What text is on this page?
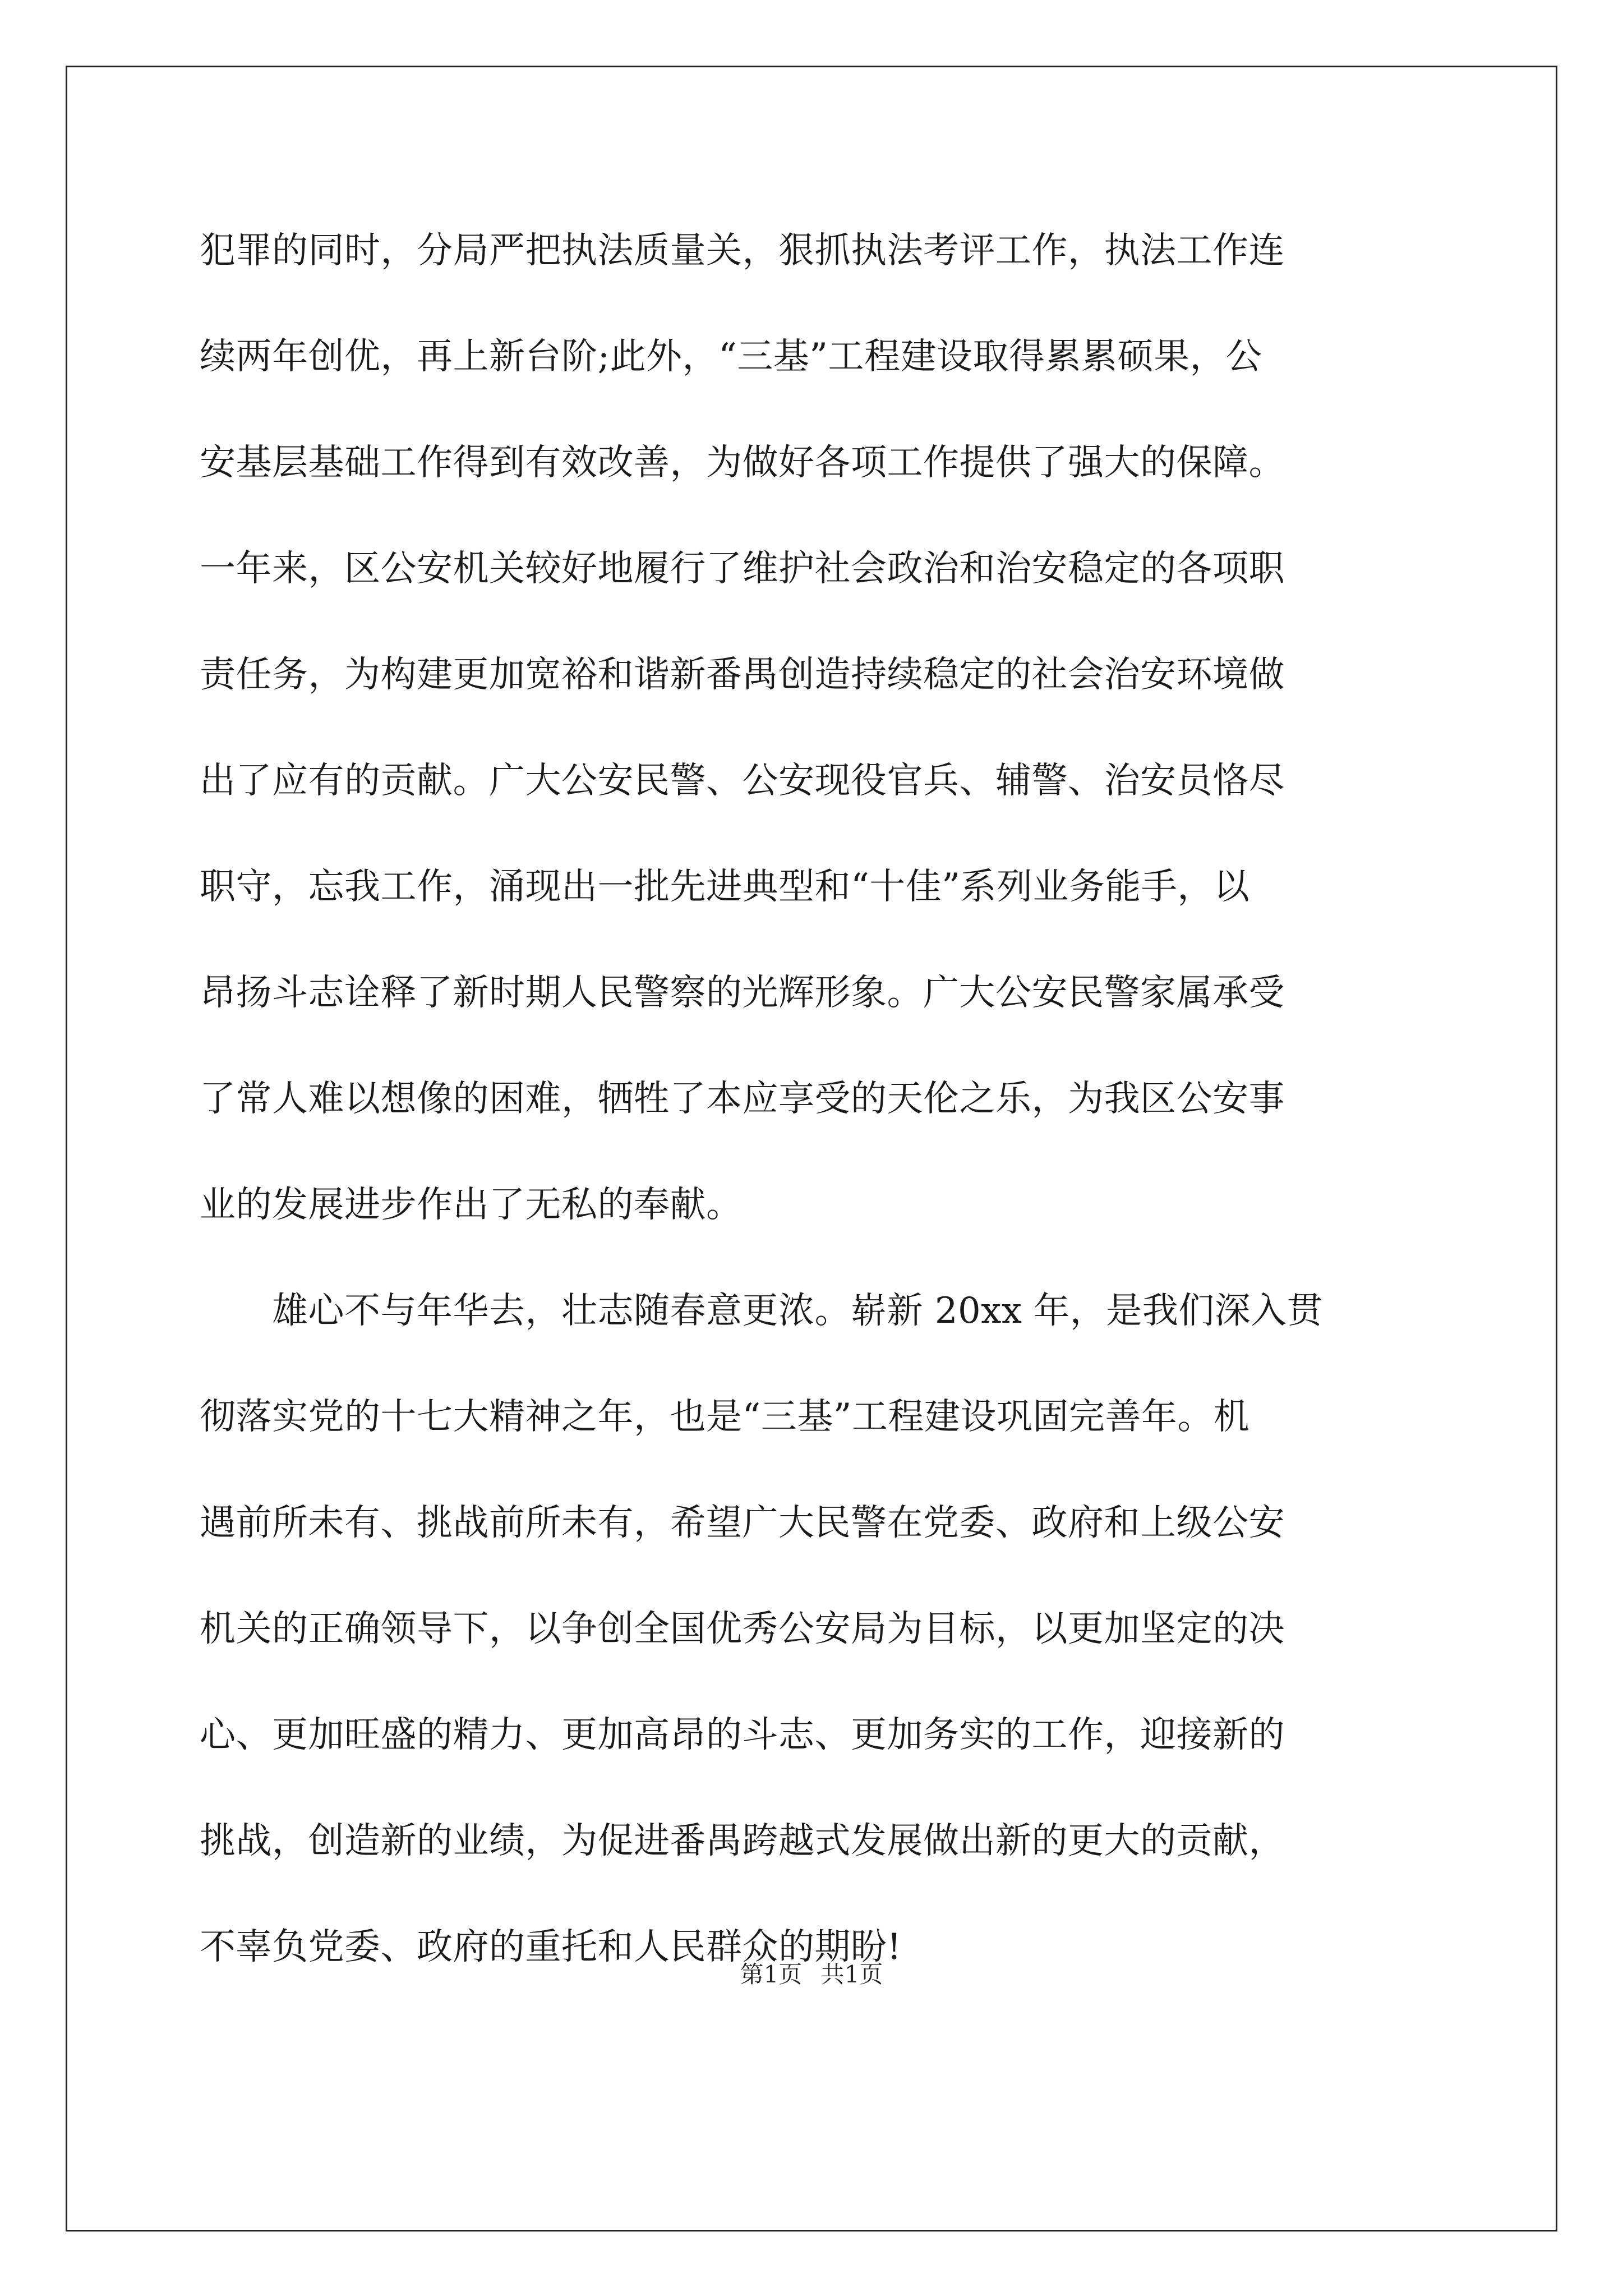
犯罪的同时，分局严把执法质量关，狠抓执法考评工作，执法工作连
续两年创优，再上新台阶;此外，“三基”工程建设取得累累硕果，公
安基层基础工作得到有效改善，为做好各项工作提供了强大的保障。
一年来，区公安机关较好地履行了维护社会政治和治安稳定的各项职
责任务，为构建更加宽裕和谐新番禺创造持续稳定的社会治安环境做
出了应有的贡献。广大公安民警、公安现役官兵、辅警、治安员恪尽
职守，忘我工作，涌现出一批先进典型和“十佳”系列业务能手，以
昂扬斗志诠释了新时期人民警察的光辉形象。广大公安民警家属承受
了常人难以想像的困难，牺牲了本应享受的天伦之乐，为我区公安事
业的发展进步作出了无私的奉献。
　　雄心不与年华去，壮志随春意更浓。崭新 20xx 年，是我们深入贯
彻落实党的十七大精神之年，也是“三基”工程建设巩固完善年。机
遇前所未有、挑战前所未有，希望广大民警在党委、政府和上级公安
机关的正确领导下，以争创全国优秀公安局为目标，以更加坚定的决
心、更加旺盛的精力、更加高昂的斗志、更加务实的工作，迎接新的
挑战，创造新的业绩，为促进番禺跨越式发展做出新的更大的贡献，
不辜负党委、政府的重托和人民群众的期盼!
第1页 共1页
